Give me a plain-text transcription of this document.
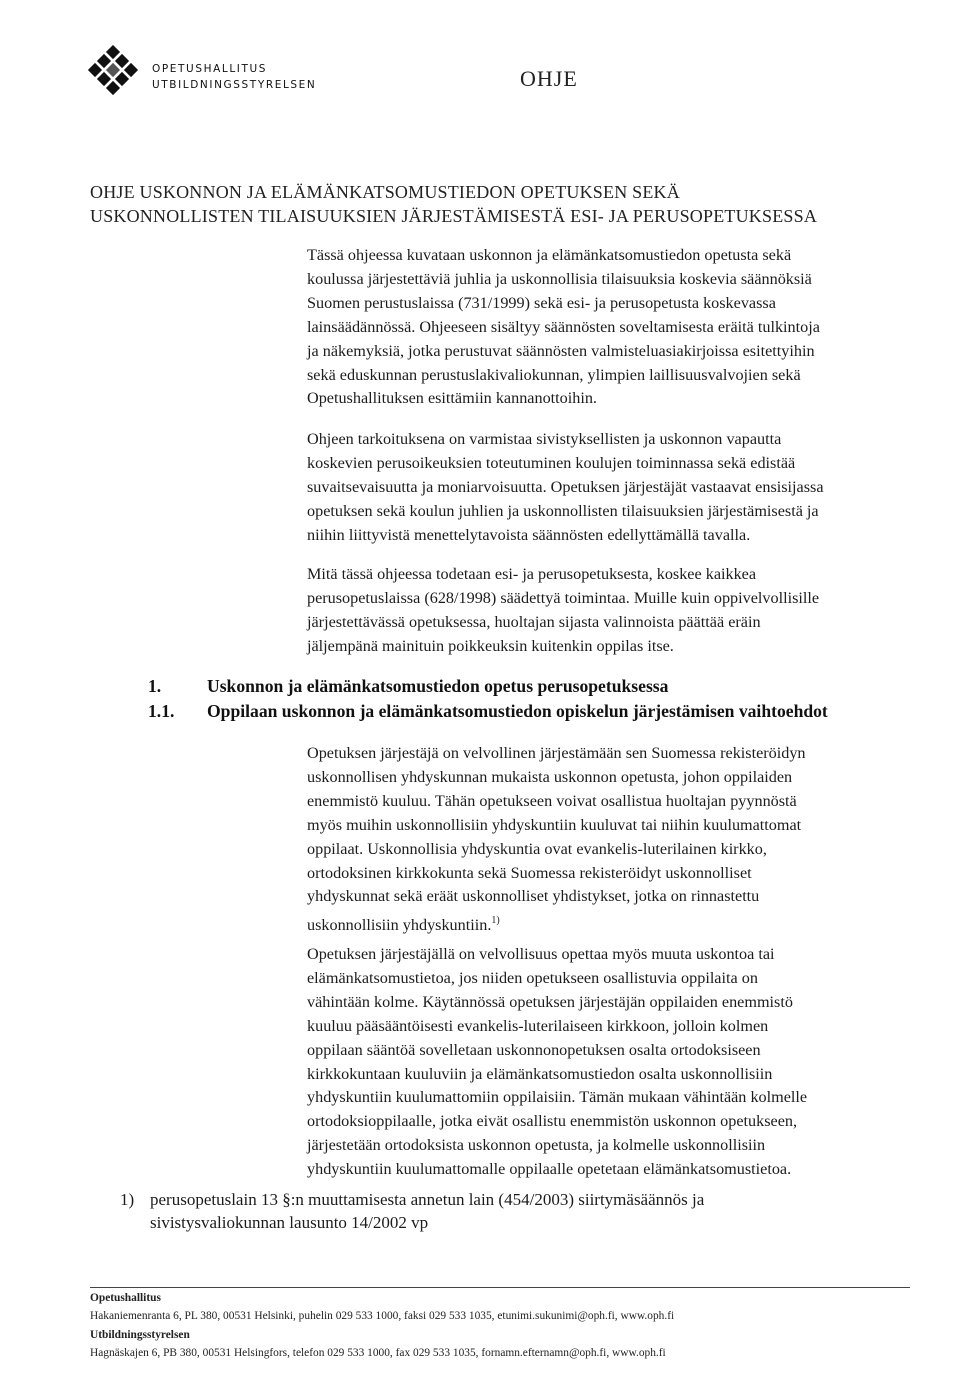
OPETUSHALLITUS
UTBILDNINGSSTYRELSEN	OHJE
OHJE USKONNON JA ELÄMÄNKATSOMUSTIEDON OPETUKSEN SEKÄ
USKONNOLLISTEN TILAISUUKSIEN JÄRJESTÄMISESTÄ ESI- JA PERUSOPETUKSESSA
Tässä ohjeessa kuvataan uskonnon ja elämänkatsomustiedon opetusta sekä
koulussa järjestettäviä juhlia ja uskonnollisia tilaisuuksia koskevia säännöksiä
Suomen perustuslaissa (731/1999) sekä esi- ja perusopetusta koskevassa
lainsäädännössä. Ohjeeseen sisältyy säännösten soveltamisesta eräitä tulkintoja
ja näkemyksiä, jotka perustuvat säännösten valmisteluasiakirjoissa esitettyihin
sekä eduskunnan perustuslakivaliokunnan, ylimpien laillisuusvalvojien sekä
Opetushallituksen esittämiin kannanottoihin.
Ohjeen tarkoituksena on varmistaa sivistyksellisten ja uskonnon vapautta
koskevien perusoikeuksien toteutuminen koulujen toiminnassa sekä edistää
suvaitsevaisuutta ja moniarvoisuutta. Opetuksen järjestäjät vastaavat ensisijassa
opetuksen sekä koulun juhlien ja uskonnollisten tilaisuuksien järjestämisestä ja
niihin liittyvistä menettelytavoista säännösten edellyttämällä tavalla.
Mitä tässä ohjeessa todetaan esi- ja perusopetuksesta, koskee kaikkea
perusopetuslaissa (628/1998) säädettyä toimintaa. Muille kuin oppivelvollisille
järjestettävässä opetuksessa, huoltajan sijasta valinnoista päättää eräin
jäljempänä mainituin poikkeuksin kuitenkin oppilas itse.
1.	Uskonnon ja elämänkatsomustiedon opetus perusopetuksessa
1.1. Oppilaan uskonnon ja elämänkatsomustiedon opiskelun järjestämisen vaihtoehdot
Opetuksen järjestäjä on velvollinen järjestämään sen Suomessa rekisteröidyn
uskonnollisen yhdyskunnan mukaista uskonnon opetusta, johon oppilaiden
enemmistö kuuluu. Tähän opetukseen voivat osallistua huoltajan pyynnöstä
myös muihin uskonnollisiin yhdyskuntiin kuuluvat tai niihin kuulumattomat
oppilaat. Uskonnollisia yhdyskuntia ovat evankelis-luterilainen kirkko,
ortodoksinen kirkkokunta sekä Suomessa rekisteröidyt uskonnolliset
yhdyskunnat sekä eräät uskonnolliset yhdistykset, jotka on rinnastettu
uskonnollisiin yhdyskuntiin.$^{1)}$
Opetuksen järjestäjällä on velvollisuus opettaa myös muuta uskontoa tai
elämänkatsomustietoa, jos niiden opetukseen osallistuvia oppilaita on
vähintään kolme. Käytännössä opetuksen järjestäjän oppilaiden enemmistö
kuuluu pääsääntöisesti evankelis-luterilaiseen kirkkoon, jolloin kolmen
oppilaan sääntöä sovelletaan uskonnonopetuksen osalta ortodoksiseen
kirkkokuntaan kuuluviin ja elämänkatsomustiedon osalta uskonnollisiin
yhdyskuntiin kuulumattomiin oppilaisiin. Tämän mukaan vähintään kolmelle
ortodoksioppilaalle, jotka eivät osallistu enemmistön uskonnon opetukseen,
järjestetään ortodoksista uskonnon opetusta, ja kolmelle uskonnollisiin
yhdyskuntiin kuulumattomalle oppilaalle opetetaan elämänkatsomustietoa.
1) perusopetuslain 13 §:n muuttamisesta annetun lain (454/2003) siirtymäsäännös ja
sivistysvaliokunnan lausunto 14/2002 vp
Opetushallitus
Hakaniemenranta 6, PL 380, 00531 Helsinki, puhelin 029 533 1000, faksi 029 533 1035, etunimi.sukunimi@oph.fi, www.oph.fi
Utbildningsstyrelsen
Hagnäskajen 6, PB 380, 00531 Helsingfors, telefon 029 533 1000, fax 029 533 1035, fornamn.efternamn@oph.fi, www.oph.fi
